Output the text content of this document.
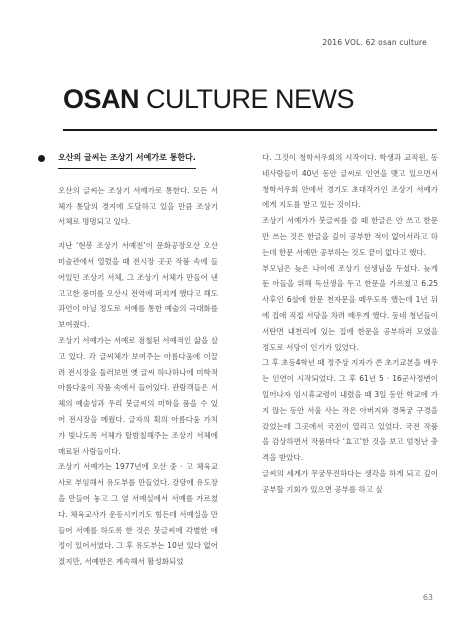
2016 VOL. 62 osan culture
OSAN CULTURE NEWS
오산의 글씨는 조상기 서예가로 통한다.

오산의 글씨는 조상기 서예가로 통한다. 모든 서체가 통달의 경지에 도달하고 있을 만큼 조상기 서체로 명명되고 있다.

지난 ‘현봉 조상기 서예전’이 문화공장오산 오산미술관에서 열렸을 때 전시장 곳곳 작품 속에 들어있던 조상기 서체, 그 조상기 서체가 만들어 낸 고고한 풍미를 오산시 전역에 퍼지게 했다고 해도 과언이 아닐 정도로 서예를 통한 예술의 극대화를 보여줬다.

조상기 서예가는 서예로 점철된 서예적인 삶을 살고 있다. 각 글씨체가 보여주는 아름다움에 이끌려 전시장을 둘러보면 옛 글씨 하나하나에 미학적 아름다움이 작품 속에서 들어있다. 관람객들은 서체의 예술성과 우리 붓글씨의 미학을 품을 수 있어 전시장을 메웠다. 글자의 획의 아름다움 가치가 빛나도록 서체가 탈밤칠해주는 조상기 서체에 매료된 사람들이다.

조상기 서예가는 1977년에 오산 중 · 고 체육교사로 부임해서 유도부를 만들었다. 강당에 유도장을 만들어 놓고 그 옆 서예실에서 서예를 가르쳤다. 체육교사가 운동시키기도 힘든데 서예실을 만들어 서예를 하도록 한 것은 붓글씨에 각별한 애정이 있어서였다. 그 후 유도부는 10년 있다 없어졌지만, 서예반은 계속해서 활성화되었

다. 그것이 청학서우회의 시작이다. 학생과 교직원, 동네사람들이 40년 동안 글씨로 인연을 맺고 있으면서 청학서우회 안에서 경기도 초대작가인 조상기 서예가에게 지도를 받고 있는 것이다.

조상기 서예가가 붓글씨를 쓸 때 한글은 안 쓰고 한문만 쓰는 것은 한글을 깊이 공부한 적이 없어서라고 하는데 한문 서예만 공부하는 것도 끝이 없다고 했다.

부모님은 늦은 나이에 조상기 선생님을 두셨다. 늦게 둔 아들을 위해 독선생을 두고 한문을 가르쳤고 6.25사후인 6살에 한문 천자문을 떼우도록 했는데 1년 뒤에 집에 직접 서당을 차려 배우게 했다. 동네 청년들이 서탄면 내천리에 있는 집에 한문을 공부하러 모였을 정도로 서당이 인기가 있었다.

그 후 초등4학년 때 정주상 지자가 쓴 초기교본을 배우는 인연이 시작되었다. 그 후 61년 5 · 16군사정변이 일어나자 임시휴교령이 내렸을 때 3일 동안 학교에 가지 않는 동안 서울 사는 작은 아버지와 경복궁 구경을 갔었는데 그곳에서 국전이 열리고 있었다. 국전 작품을 감상하면서 작품마다 ‘효고’한 것을 보고 엄청난 충격을 받았다.

글씨의 세계가 무궁무진하다는 생각을 하게 되고 깊이 공부할 기회가 있으면 공부를 하고 싶

63
